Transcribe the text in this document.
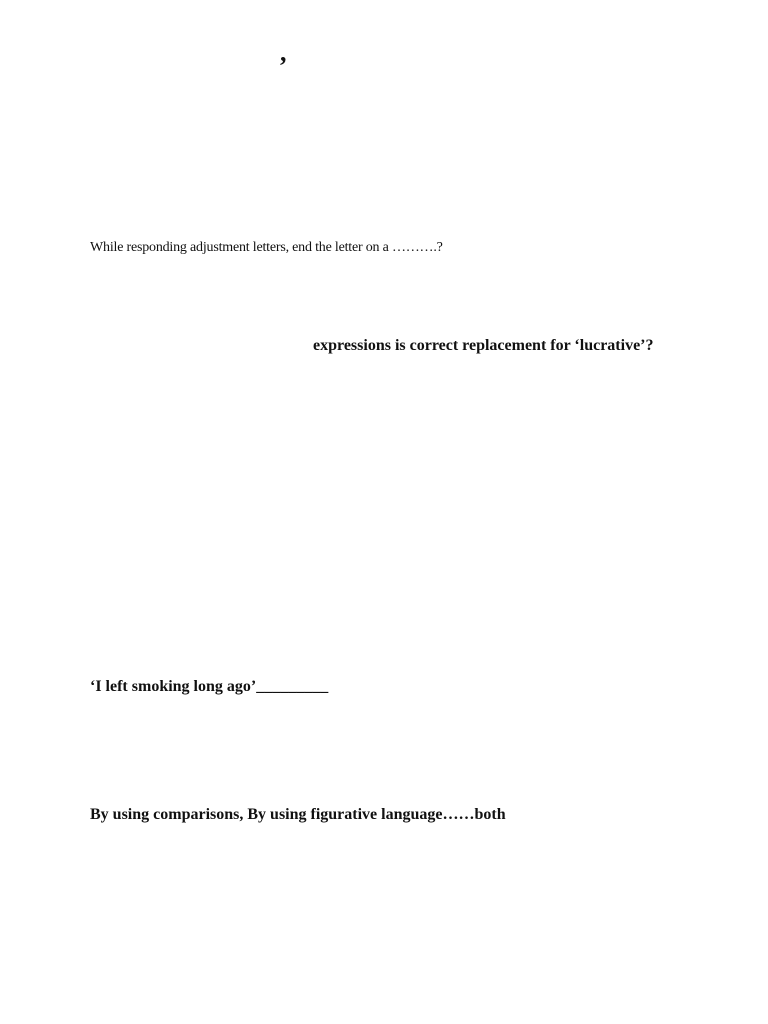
,
While responding adjustment letters, end the letter on a ……….?
expressions is correct replacement for ‘lucrative’?
‘I left smoking long ago’_________
By using comparisons, By using figurative language……both
